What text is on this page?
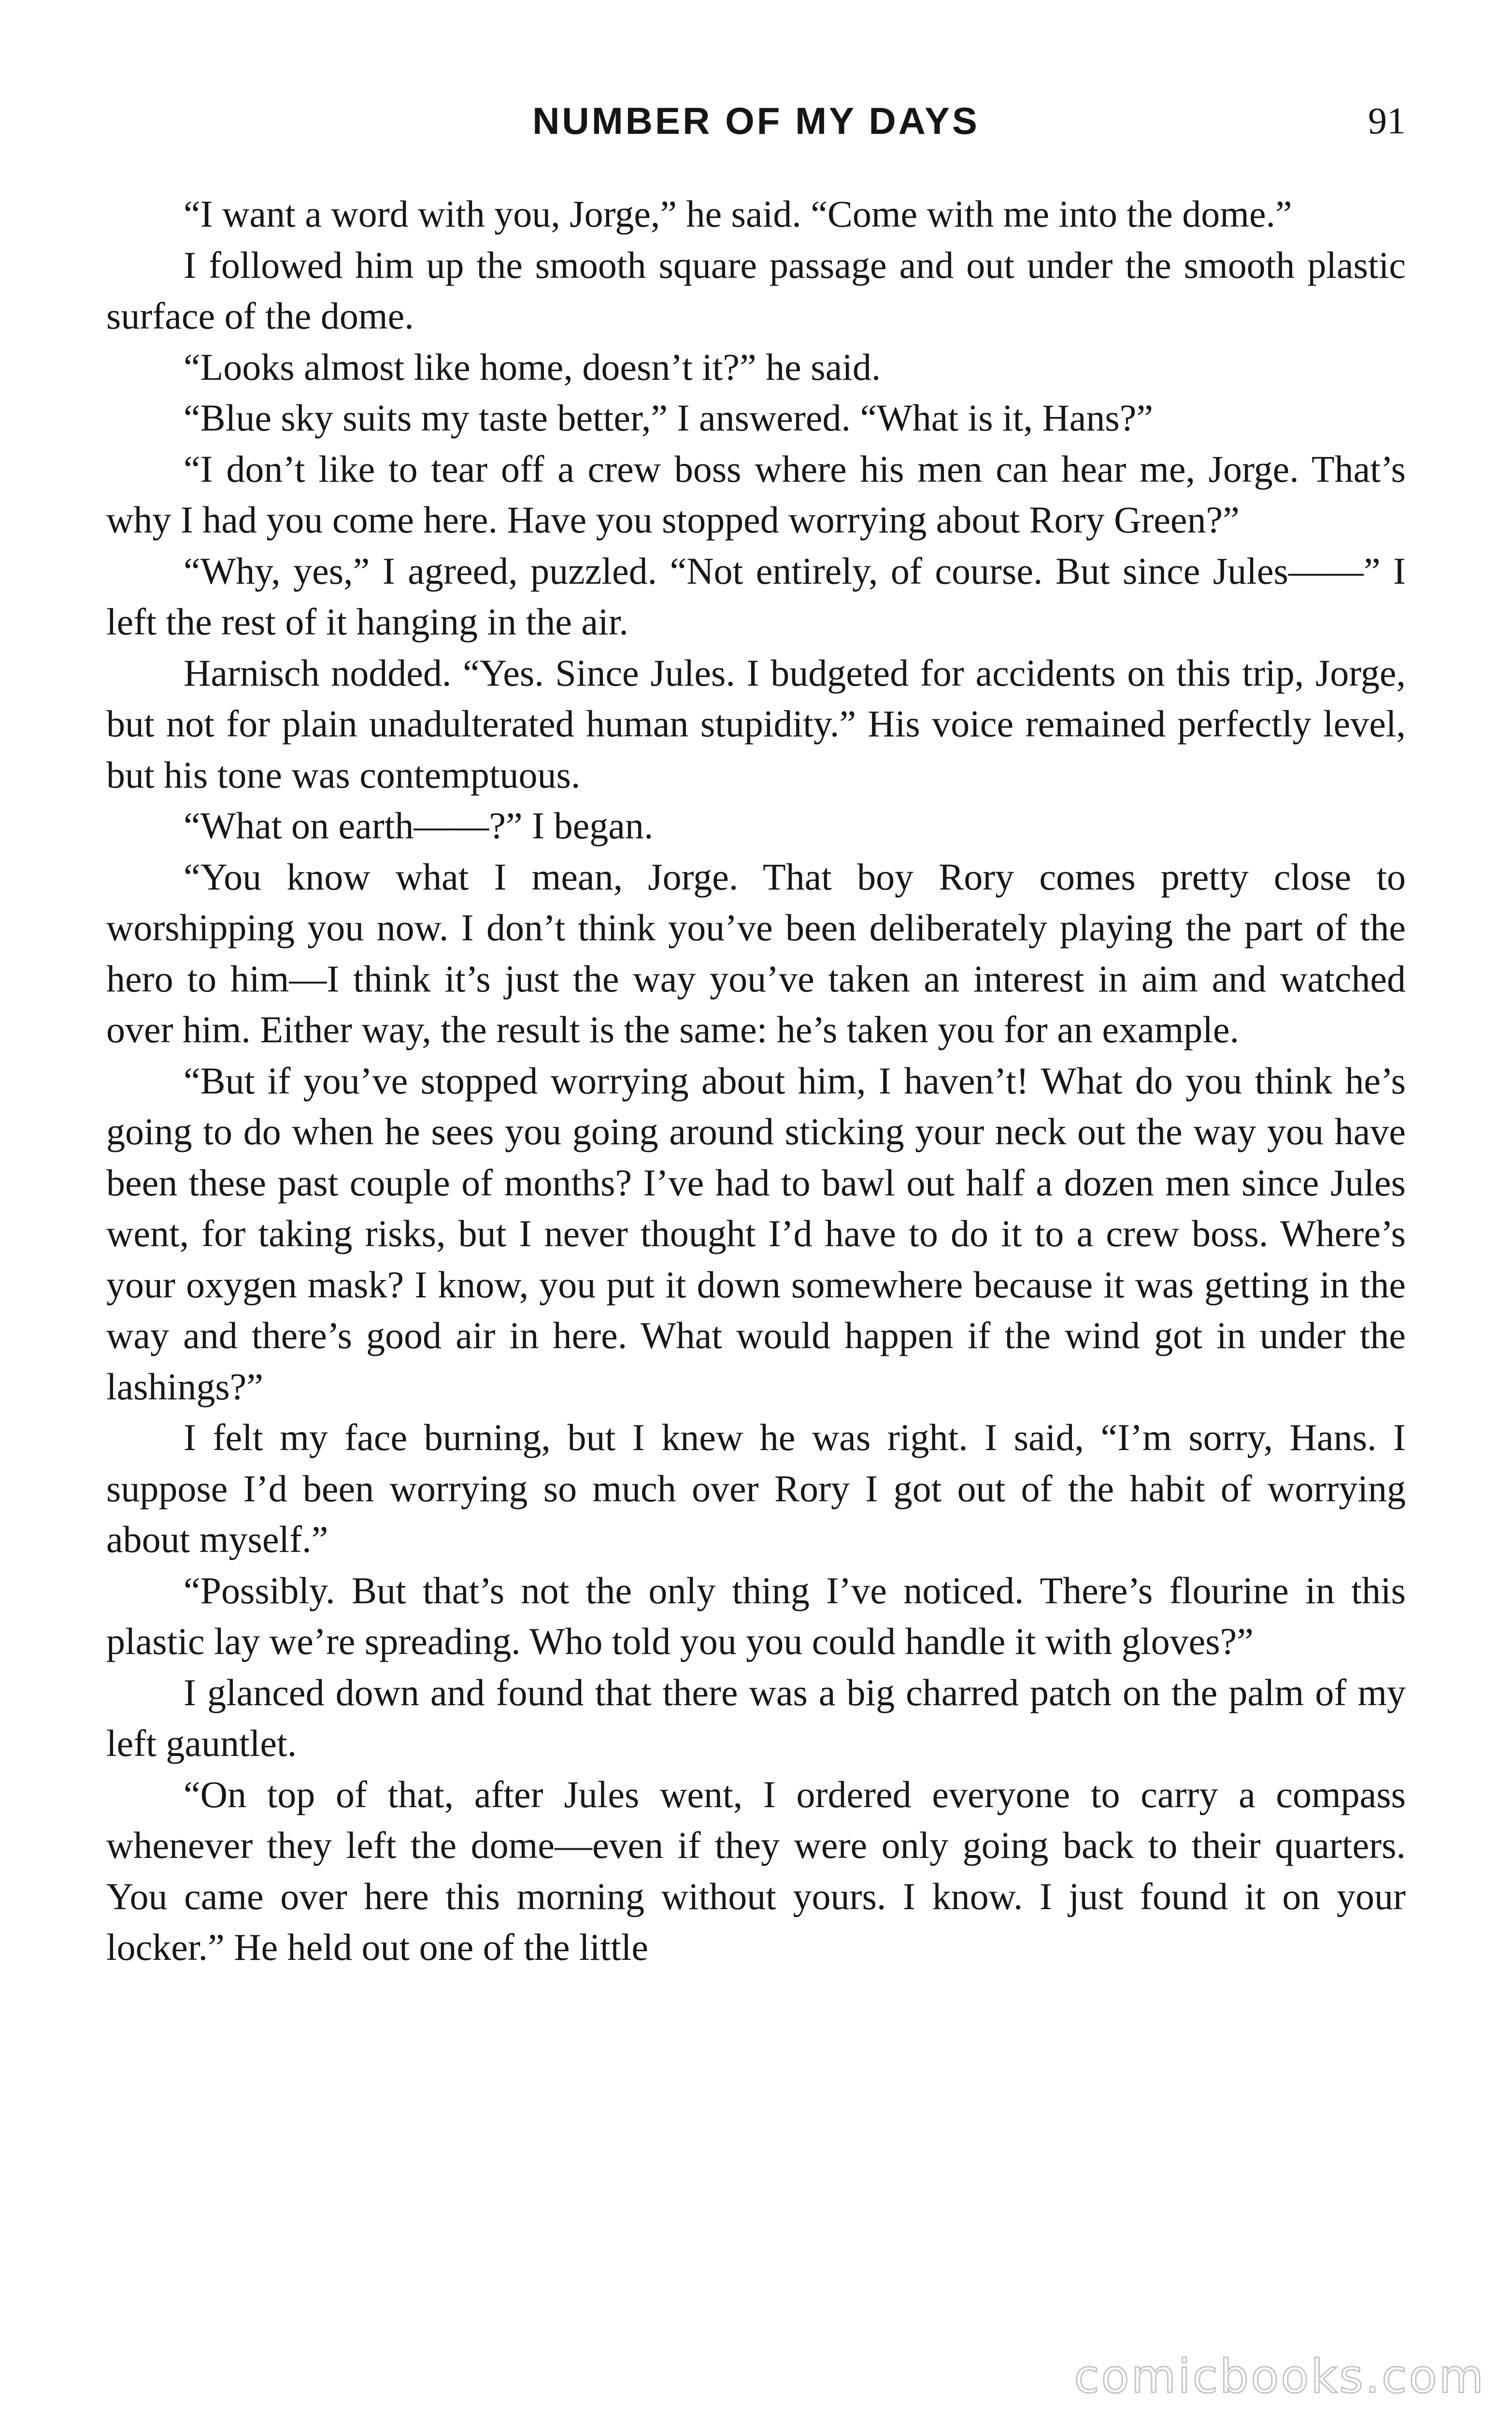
NUMBER OF MY DAYS	91

“I want a word with you, Jorge,” he said. “Come with me into the dome.”

I followed him up the smooth square passage and out under the smooth plastic surface of the dome.

“Looks almost like home, doesn’t it?” he said.

“Blue sky suits my taste better,” I answered. “What is it, Hans?”

“I don’t like to tear off a crew boss where his men can hear me, Jorge. That’s why I had you come here. Have you stopped worrying about Rory Green?”

“Why, yes,” I agreed, puzzled. “Not entirely, of course. But since Jules——” I left the rest of it hanging in the air.

Harnisch nodded. “Yes. Since Jules. I budgeted for accidents on this trip, Jorge, but not for plain unadulterated human stupidity.” His voice remained perfectly level, but his tone was contemptuous.

“What on earth——?” I began.

“You know what I mean, Jorge. That boy Rory comes pretty close to worshipping you now. I don’t think you’ve been deliberately playing the part of the hero to him—I think it’s just the way you’ve taken an interest in aim and watched over him. Either way, the result is the same: he’s taken you for an example.

“But if you’ve stopped worrying about him, I haven’t! What do you think he’s going to do when he sees you going around sticking your neck out the way you have been these past couple of months? I’ve had to bawl out half a dozen men since Jules went, for taking risks, but I never thought I’d have to do it to a crew boss. Where’s your oxygen mask? I know, you put it down somewhere because it was getting in the way and there’s good air in here. What would happen if the wind got in under the lashings?”

I felt my face burning, but I knew he was right. I said, “I’m sorry, Hans. I suppose I’d been worrying so much over Rory I got out of the habit of worrying about myself.”

“Possibly. But that’s not the only thing I’ve noticed. There’s flourine in this plastic lay we’re spreading. Who told you you could handle it with gloves?”

I glanced down and found that there was a big charred patch on the palm of my left gauntlet.

“On top of that, after Jules went, I ordered everyone to carry a compass whenever they left the dome—even if they were only going back to their quarters. You came over here this morning without yours. I know. I just found it on your locker.” He held out one of the little

comicbooks.com
